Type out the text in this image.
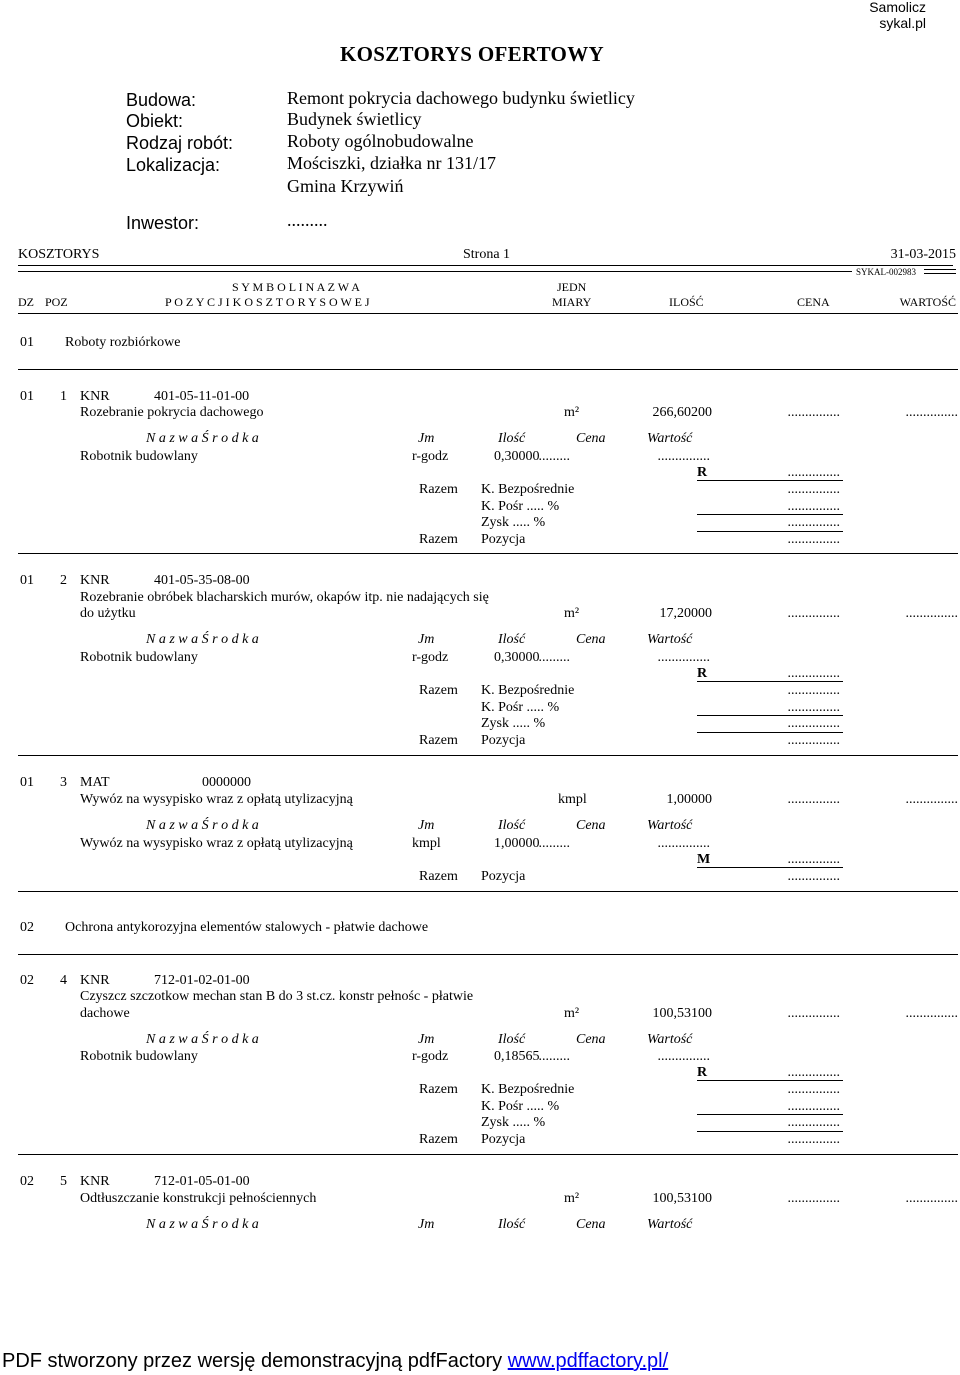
Samolicz
sykal.pl
KOSZTORYS OFERTOWY
Budowa:	Remont pokrycia dachowego budynku świetlicy
Obiekt:	Budynek świetlicy
Rodzaj robót:	Roboty ogólnobudowalne
Lokalizacja:	Mościszki, działka nr 131/17
Gmina Krzywiń
Inwestor:	.........
KOSZTORYS	Strona 1	31-03-2015
SYKAL-002983
S Y M B O L I N A Z W A	JEDN
DZ POZ	P O Z Y C J I K O S Z T O R Y S O W E J	MIARY	ILOŚĆ	CENA	WARTOŚĆ
01 Roboty rozbiórkowe
01 1 KNR	401-05-11-01-00
Rozebranie pokrycia dachowego	m²	266,60200	...............	...............
N a z w a Ś r o d k a	Jm	Ilość	Cena	Wartość
Robotnik budowlany	r-godz	0,30000 .........	...............
R	...............
Razem K. Bezpośrednie	...............
K. Pośr ..... %	...............
Zysk ..... %	...............
Razem Pozycja	...............
01 2 KNR	401-05-35-08-00
Rozebranie obróbek blacharskich murów, okapów itp. nie nadających się
do użytku	m²	17,20000	...............	...............
N a z w a Ś r o d k a	Jm	Ilość	Cena	Wartość
Robotnik budowlany	r-godz	0,30000 .........	...............
R	...............
Razem K. Bezpośrednie	...............
K. Pośr ..... %	...............
Zysk ..... %	...............
Razem Pozycja	...............
01 3 MAT	0000000
Wywóz na wysypisko wraz z opłatą utylizacyjną	kmpl	1,00000	...............	...............
N a z w a Ś r o d k a	Jm	Ilość	Cena	Wartość
Wywóz na wysypisko wraz z opłatą utylizacyjną	kmpl	1,00000 .........	...............
M	...............
Razem Pozycja	...............
02 Ochrona antykorozyjna elementów stalowych - płatwie dachowe
02 4 KNR	712-01-02-01-00
Czyszcz szczotkow mechan stan B do 3 st.cz. konstr pełnośc - płatwie
dachowe	m²	100,53100	...............	...............
N a z w a Ś r o d k a	Jm	Ilość	Cena	Wartość
Robotnik budowlany	r-godz	0,18565 .........	...............
R	...............
Razem K. Bezpośrednie	...............
K. Pośr ..... %	...............
Zysk ..... %	...............
Razem Pozycja	...............
02 5 KNR	712-01-05-01-00
Odtłuszczanie konstrukcji pełnościennych	m²	100,53100	...............	...............
N a z w a Ś r o d k a	Jm	Ilość	Cena	Wartość
PDF stworzony przez wersję demonstracyjną pdfFactory www.pdffactory.pl/
